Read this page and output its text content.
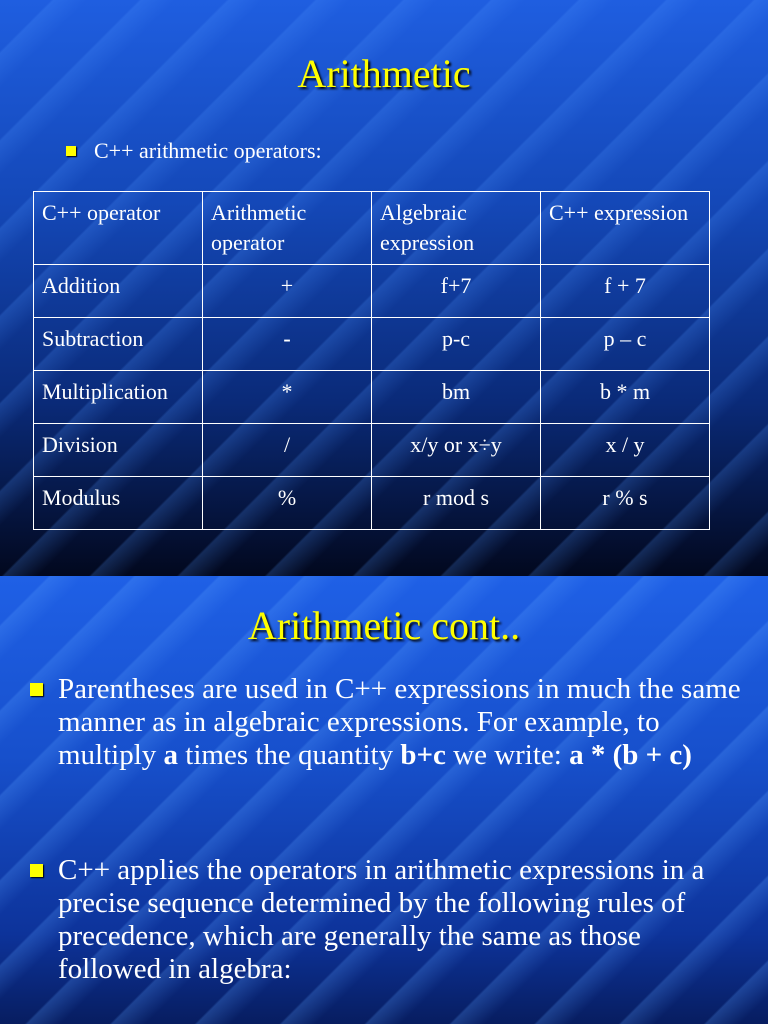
Arithmetic
C++ arithmetic operators:
C++ operator	Arithmetic operator	Algebraic expression	C++ expression
Addition	+	f+7	f + 7
Subtraction	-	p-c	p – c
Multiplication	*	bm	b * m
Division	/	x/y or x÷y	x / y
Modulus	%	r mod s	r % s
Arithmetic cont..
Parentheses are used in C++ expressions in much the same manner as in algebraic expressions. For example, to multiply a times the quantity b+c we write: a * (b + c)
C++ applies the operators in arithmetic expressions in a precise sequence determined by the following rules of precedence, which are generally the same as those followed in algebra:
